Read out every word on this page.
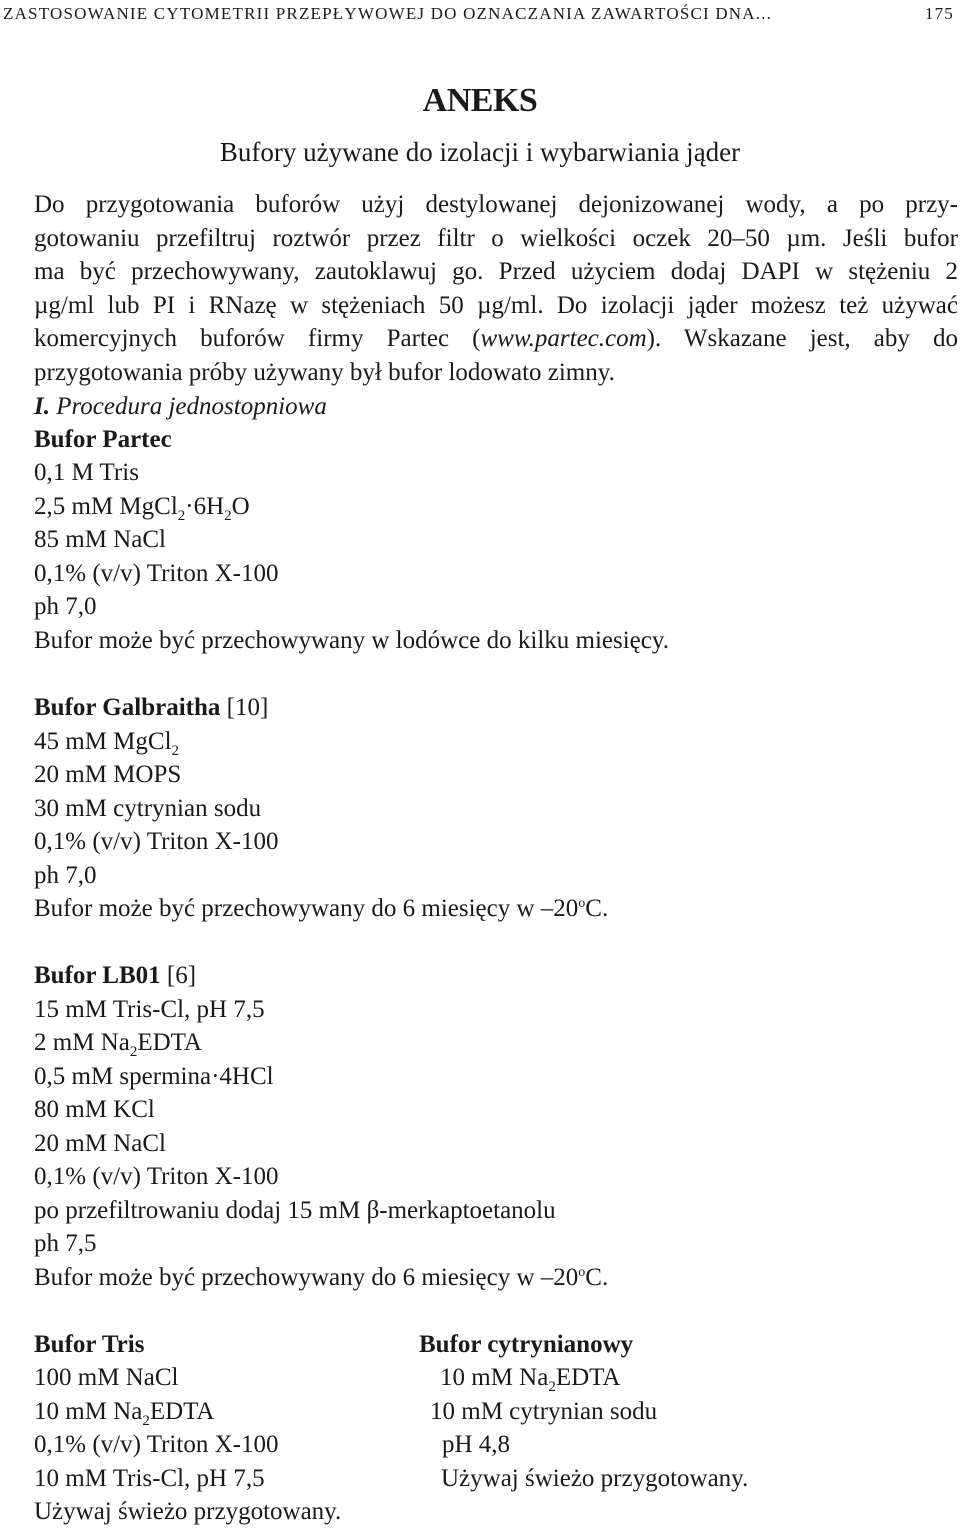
ZASTOSOWANIE CYTOMETRII PRZEPŁYWOWEJ DO OZNACZANIA ZAWARTOŚCI DNA...	175
ANEKS
Bufory używane do izolacji i wybarwiania jąder
Do przygotowania buforów użyj destylowanej dejonizowanej wody, a po przy-
gotowaniu przefiltruj roztwór przez filtr o wielkości oczek 20–50 µm. Jeśli bufor
ma być przechowywany, zautoklawuj go. Przed użyciem dodaj DAPI w stężeniu 2
µg/ml lub PI i RNazę w stężeniach 50 µg/ml. Do izolacji jąder możesz też używać
komercyjnych buforów firmy Partec (www.partec.com). Wskazane jest, aby do
przygotowania próby używany był bufor lodowato zimny.
I. Procedura jednostopniowa
Bufor Partec
0,1 M Tris
2,5 mM $MgCl_2\cdot 6H_2O$
85 mM NaCl
0,1% (v/v) Triton X-100
ph 7,0
Bufor może być przechowywany w lodówce do kilku miesięcy.
Bufor Galbraitha [10]
45 mM MgCl$_2$
20 mM MOPS
30 mM cytrynian sodu
0,1% (v/v) Triton X-100
ph 7,0
Bufor może być przechowywany do 6 miesięcy w –20$^o$C.
Bufor LB01 [6]
15 mM Tris-Cl, pH 7,5
2 mM $Na_2EDTA$
0,5 mM spermina·4HCl
80 mM KCl
20 mM NaCl
0,1% (v/v) Triton X-100
po przefiltrowaniu dodaj 15 mM β-merkaptoetanolu
ph 7,5
Bufor może być przechowywany do 6 miesięcy w –20$^o$C.
Bufor Tris
100 mM NaCl
10 mM $Na_2EDTA$
0,1% (v/v) Triton X-100
10 mM Tris-Cl, pH 7,5
Używaj świeżo przygotowany.
Bufor cytrynianowy
10 mM $Na_2EDTA$
10 mM cytrynian sodu
pH 4,8
Używaj świeżo przygotowany.
